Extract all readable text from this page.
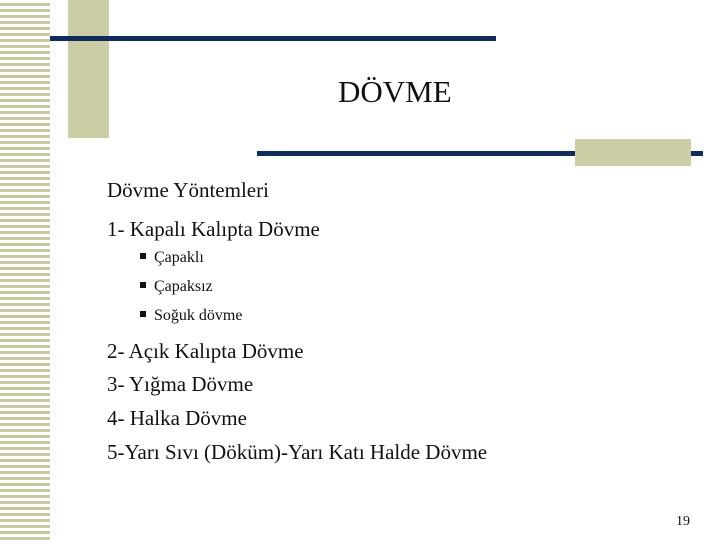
DÖVME
Dövme Yöntemleri
1- Kapalı Kalıpta Dövme
Çapaklı
Çapaksız
Soğuk dövme
2- Açık Kalıpta Dövme
3- Yığma Dövme
4- Halka Dövme
5-Yarı Sıvı (Döküm)-Yarı Katı Halde Dövme
19
